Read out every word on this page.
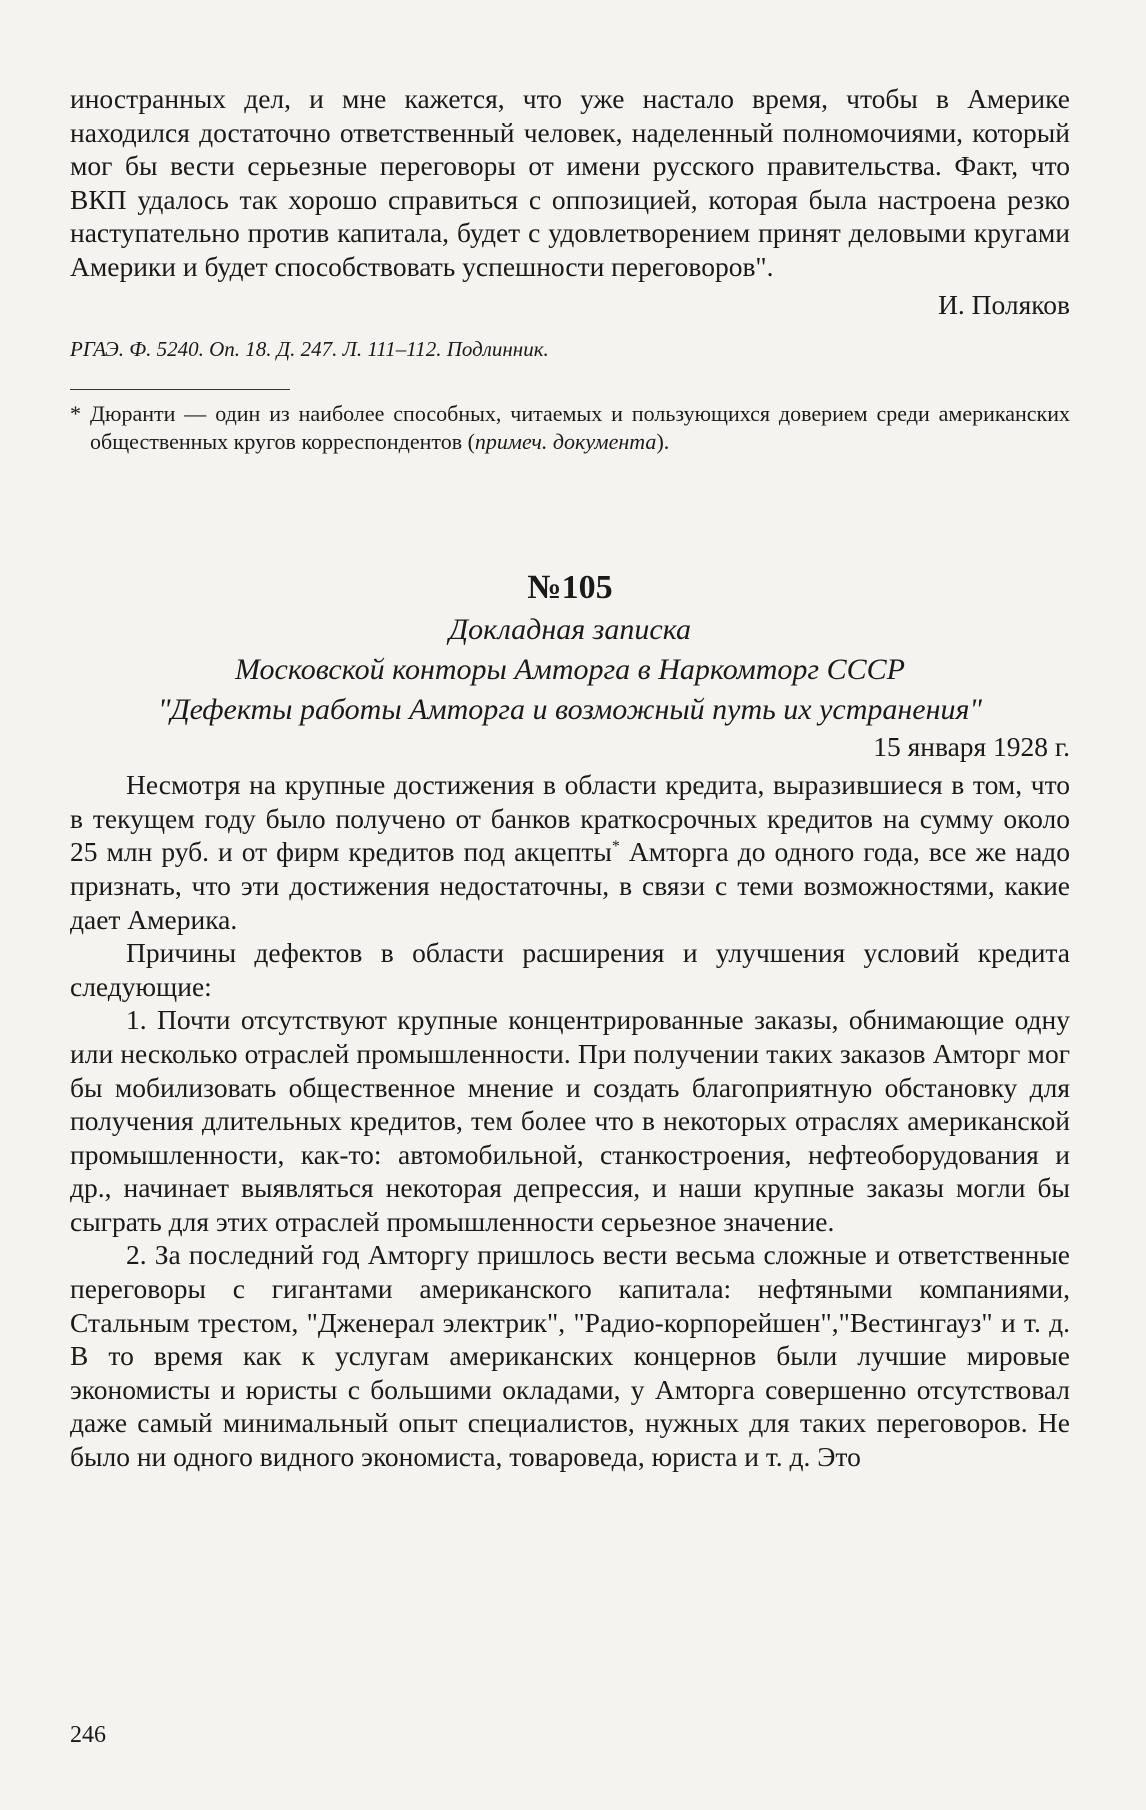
иностранных дел, и мне кажется, что уже настало время, чтобы в Америке находился достаточно ответственный человек, наделенный полномочиями, который мог бы вести серьезные переговоры от имени русского правительства. Факт, что ВКП удалось так хорошо справиться с оппозицией, которая была настроена резко наступательно против капитала, будет с удовлетворением принят деловыми кругами Америки и будет способствовать успешности переговоров".

И. Поляков

РГАЭ. Ф. 5240. Оп. 18. Д. 247. Л. 111–112. Подлинник.

* Дюранти — один из наиболее способных, читаемых и пользующихся доверием среди американских общественных кругов корреспондентов (примеч. документа).

№105

Докладная записка

Московской конторы Амторга в Наркомторг СССР

"Дефекты работы Амторга и возможный путь их устранения"

15 января 1928 г.

Несмотря на крупные достижения в области кредита, выразившиеся в том, что в текущем году было получено от банков краткосрочных кредитов на сумму около 25 млн руб. и от фирм кредитов под акцепты* Амторга до одного года, все же надо признать, что эти достижения недостаточны, в связи с теми возможностями, какие дает Америка.

Причины дефектов в области расширения и улучшения условий кредита следующие:

1. Почти отсутствуют крупные концентрированные заказы, обнимающие одну или несколько отраслей промышленности. При получении таких заказов Амторг мог бы мобилизовать общественное мнение и создать благоприятную обстановку для получения длительных кредитов, тем более что в некоторых отраслях американской промышленности, как-то: автомобильной, станкостроения, нефтеоборудования и др., начинает выявляться некоторая депрессия, и наши крупные заказы могли бы сыграть для этих отраслей промышленности серьезное значение.

2. За последний год Амторгу пришлось вести весьма сложные и ответственные переговоры с гигантами американского капитала: нефтяными компаниями, Стальным трестом, "Дженерал электрик", "Радио-корпорейшен","Вестингауз" и т. д. В то время как к услугам американских концернов были лучшие мировые экономисты и юристы с большими окладами, у Амторга совершенно отсутствовал даже самый минимальный опыт специалистов, нужных для таких переговоров. Не было ни одного видного экономиста, товароведа, юриста и т. д. Это

246
